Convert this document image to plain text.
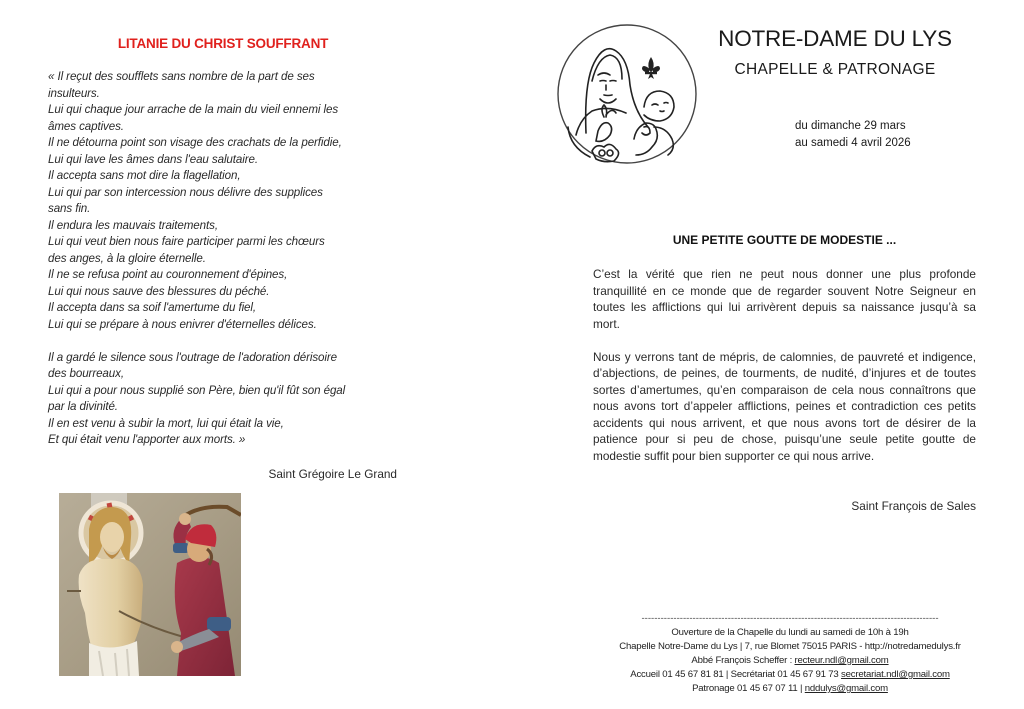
LITANIE DU CHRIST SOUFFRANT
« Il reçut des soufflets sans nombre de la part de ses
insulteurs.
Lui qui chaque jour arrache de la main du vieil ennemi les
âmes captives.
Il ne détourna point son visage des crachats de la perfidie,
Lui qui lave les âmes dans l'eau salutaire.
Il accepta sans mot dire la flagellation,
Lui qui par son intercession nous délivre des supplices
sans fin.
Il endura les mauvais traitements,
Lui qui veut bien nous faire participer parmi les chœurs
des anges, à la gloire éternelle.
Il ne se refusa point au couronnement d'épines,
Lui qui nous sauve des blessures du péché.
Il accepta dans sa soif l'amertume du fiel,
Lui qui se prépare à nous enivrer d'éternelles délices.
Il a gardé le silence sous l'outrage de l'adoration dérisoire
des bourreaux,
Lui qui a pour nous supplié son Père, bien qu'il fût son égal
par la divinité.
Il en est venu à subir la mort, lui qui était la vie,
Et qui était venu l'apporter aux morts. »
Saint Grégoire Le Grand
NOTRE-DAME DU LYS
CHAPELLE & PATRONAGE
du dimanche 29 mars
au samedi 4 avril 2026
UNE PETITE GOUTTE DE MODESTIE ...

C’est la vérité que rien ne peut nous donner une plus profonde tranquillité en ce monde que de regarder souvent Notre Seigneur en toutes les afflictions qui lui arrivèrent depuis sa naissance jusqu’à sa mort.

Nous y verrons tant de mépris, de calomnies, de pauvreté et indigence, d’abjections, de peines, de tourments, de nudité, d’injures et de toutes sortes d’amertumes, qu’en comparaison de cela nous connaîtrons que nous avons tort d’appeler afflictions, peines et contradiction ces petits accidents qui nous arrivent, et que nous avons tort de désirer de la patience pour si peu de chose, puisqu’une seule petite goutte de modestie suffit pour bien supporter ce qui nous arrive.

Saint François de Sales
---------------------------------------------------------------------------------------------
Ouverture de la Chapelle du lundi au samedi de 10h à 19h
Chapelle Notre-Dame du Lys | 7, rue Blomet 75015 PARIS - http://notredamedulys.fr
Abbé François Scheffer : recteur.ndl@gmail.com
Accueil 01 45 67 81 81 | Secrétariat 01 45 67 91 73 secretariat.ndl@gmail.com
Patronage 01 45 67 07 11 | nddulys@gmail.com
